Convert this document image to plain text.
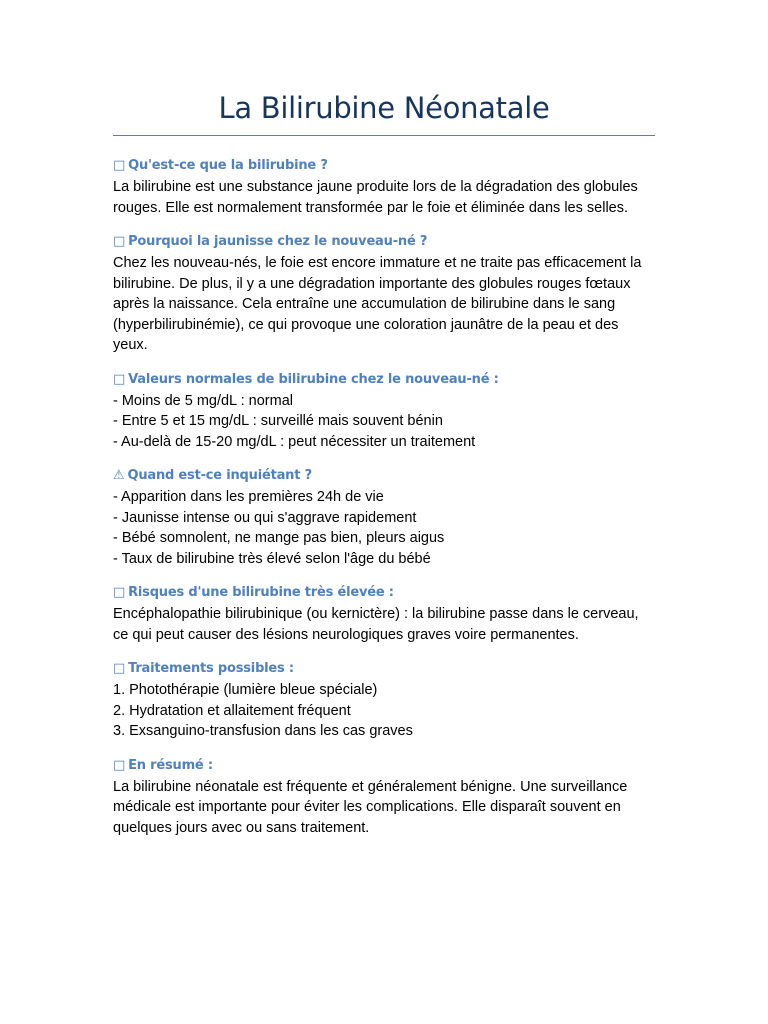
La Bilirubine Néonatale

□ Qu'est-ce que la bilirubine ?

La bilirubine est une substance jaune produite lors de la dégradation des globules rouges. Elle est normalement transformée par le foie et éliminée dans les selles.

□ Pourquoi la jaunisse chez le nouveau-né ?

Chez les nouveau-nés, le foie est encore immature et ne traite pas efficacement la bilirubine. De plus, il y a une dégradation importante des globules rouges fœtaux après la naissance. Cela entraîne une accumulation de bilirubine dans le sang (hyperbilirubinémie), ce qui provoque une coloration jaunâtre de la peau et des yeux.

□ Valeurs normales de bilirubine chez le nouveau-né :

- Moins de 5 mg/dL : normal

- Entre 5 et 15 mg/dL : surveillé mais souvent bénin

- Au-delà de 15-20 mg/dL : peut nécessiter un traitement

⚠ Quand est-ce inquiétant ?

- Apparition dans les premières 24h de vie

- Jaunisse intense ou qui s'aggrave rapidement

- Bébé somnolent, ne mange pas bien, pleurs aigus

- Taux de bilirubine très élevé selon l'âge du bébé

□ Risques d'une bilirubine très élevée :

Encéphalopathie bilirubinique (ou kernictère) : la bilirubine passe dans le cerveau, ce qui peut causer des lésions neurologiques graves voire permanentes.

□ Traitements possibles :

1. Photothérapie (lumière bleue spéciale)

2. Hydratation et allaitement fréquent

3. Exsanguino-transfusion dans les cas graves

□ En résumé :

La bilirubine néonatale est fréquente et généralement bénigne. Une surveillance médicale est importante pour éviter les complications. Elle disparaît souvent en quelques jours avec ou sans traitement.
